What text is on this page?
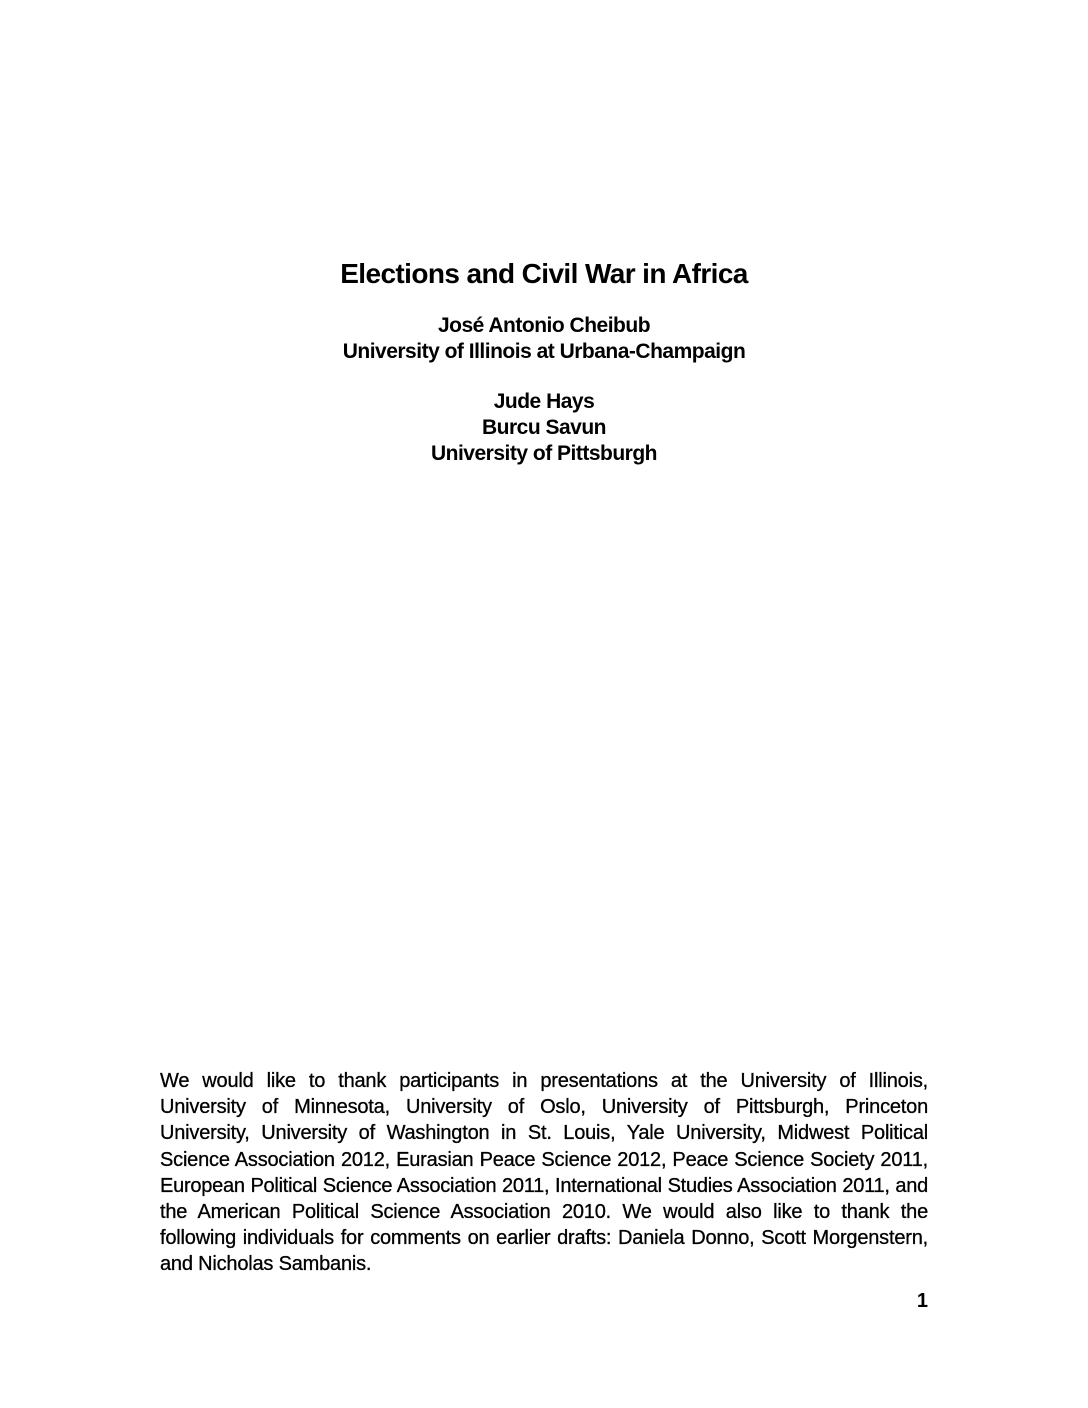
Elections and Civil War in Africa
José Antonio Cheibub
University of Illinois at Urbana-Champaign
Jude Hays
Burcu Savun
University of Pittsburgh
We would like to thank participants in presentations at the University of Illinois,
University of Minnesota, University of Oslo, University of Pittsburgh, Princeton
University, University of Washington in St. Louis, Yale University, Midwest Political
Science Association 2012, Eurasian Peace Science 2012, Peace Science Society 2011,
European Political Science Association 2011, International Studies Association 2011, and
the American Political Science Association 2010. We would also like to thank the
following individuals for comments on earlier drafts: Daniela Donno, Scott Morgenstern,
and Nicholas Sambanis.
1
